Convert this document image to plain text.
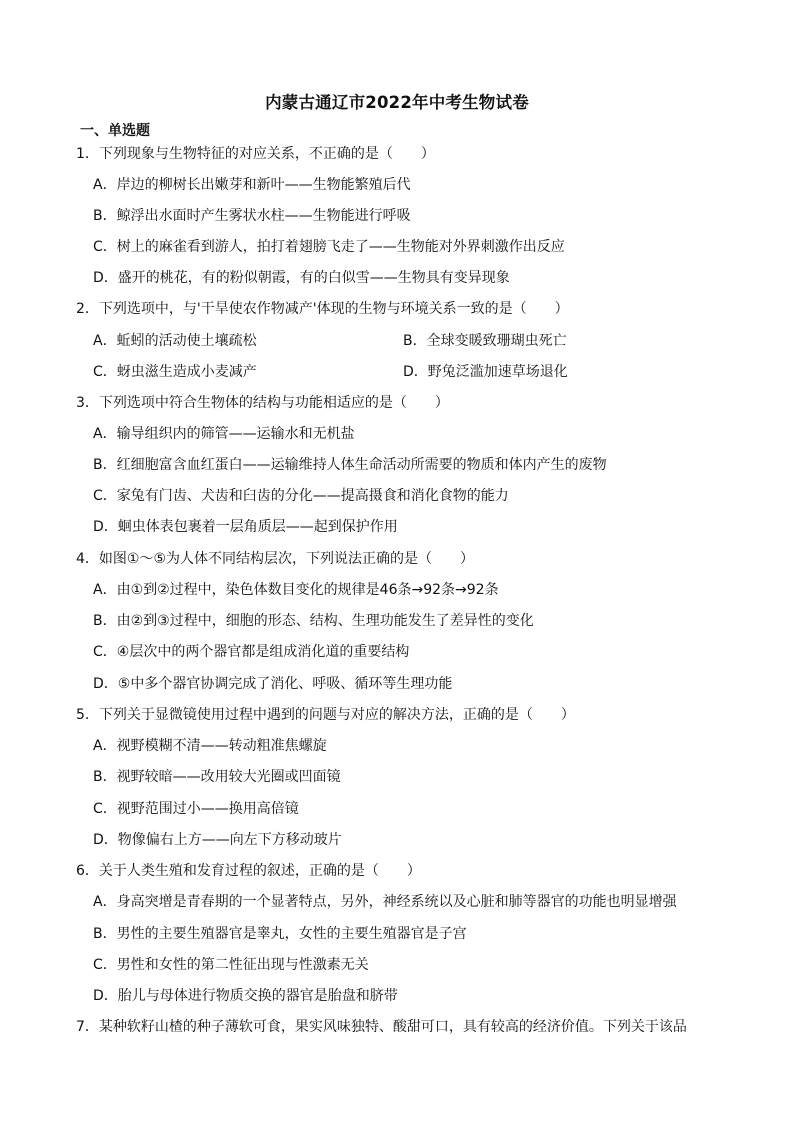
内蒙古通辽市2022年中考生物试卷
一、单选题
1．下列现象与生物特征的对应关系，不正确的是（　　）
A．岸边的柳树长出嫩芽和新叶——生物能繁殖后代
B．鲸浮出水面时产生雾状水柱——生物能进行呼吸
C．树上的麻雀看到游人，拍打着翅膀飞走了——生物能对外界刺激作出反应
D．盛开的桃花，有的粉似朝霞，有的白似雪——生物具有变异现象
2．下列选项中，与'干旱使农作物减产'体现的生物与环境关系一致的是（　　）
A．蚯蚓的活动使土壤疏松	B．全球变暖致珊瑚虫死亡
C．蚜虫滋生造成小麦减产	D．野兔泛滥加速草场退化
3．下列选项中符合生物体的结构与功能相适应的是（　　）
A．输导组织内的筛管——运输水和无机盐
B．红细胞富含血红蛋白——运输维持人体生命活动所需要的物质和体内产生的废物
C．家兔有门齿、犬齿和臼齿的分化——提高摄食和消化食物的能力
D．蛔虫体表包裹着一层角质层——起到保护作用
4．如图①～⑤为人体不同结构层次，下列说法正确的是（　　）
A．由①到②过程中，染色体数目变化的规律是46条→92条→92条
B．由②到③过程中，细胞的形态、结构、生理功能发生了差异性的变化
C．④层次中的两个器官都是组成消化道的重要结构
D．⑤中多个器官协调完成了消化、呼吸、循环等生理功能
5．下列关于显微镜使用过程中遇到的问题与对应的解决方法，正确的是（　　）
A．视野模糊不清——转动粗准焦螺旋
B．视野较暗——改用较大光圈或凹面镜
C．视野范围过小——换用高倍镜
D．物像偏右上方——向左下方移动玻片
6．关于人类生殖和发育过程的叙述，正确的是（　　）
A．身高突增是青春期的一个显著特点，另外，神经系统以及心脏和肺等器官的功能也明显增强
B．男性的主要生殖器官是睾丸，女性的主要生殖器官是子宫
C．男性和女性的第二性征出现与性激素无关
D．胎儿与母体进行物质交换的器官是胎盘和脐带
7．某种软籽山楂的种子薄软可食，果实风味独特、酸甜可口，具有较高的经济价值。下列关于该品
